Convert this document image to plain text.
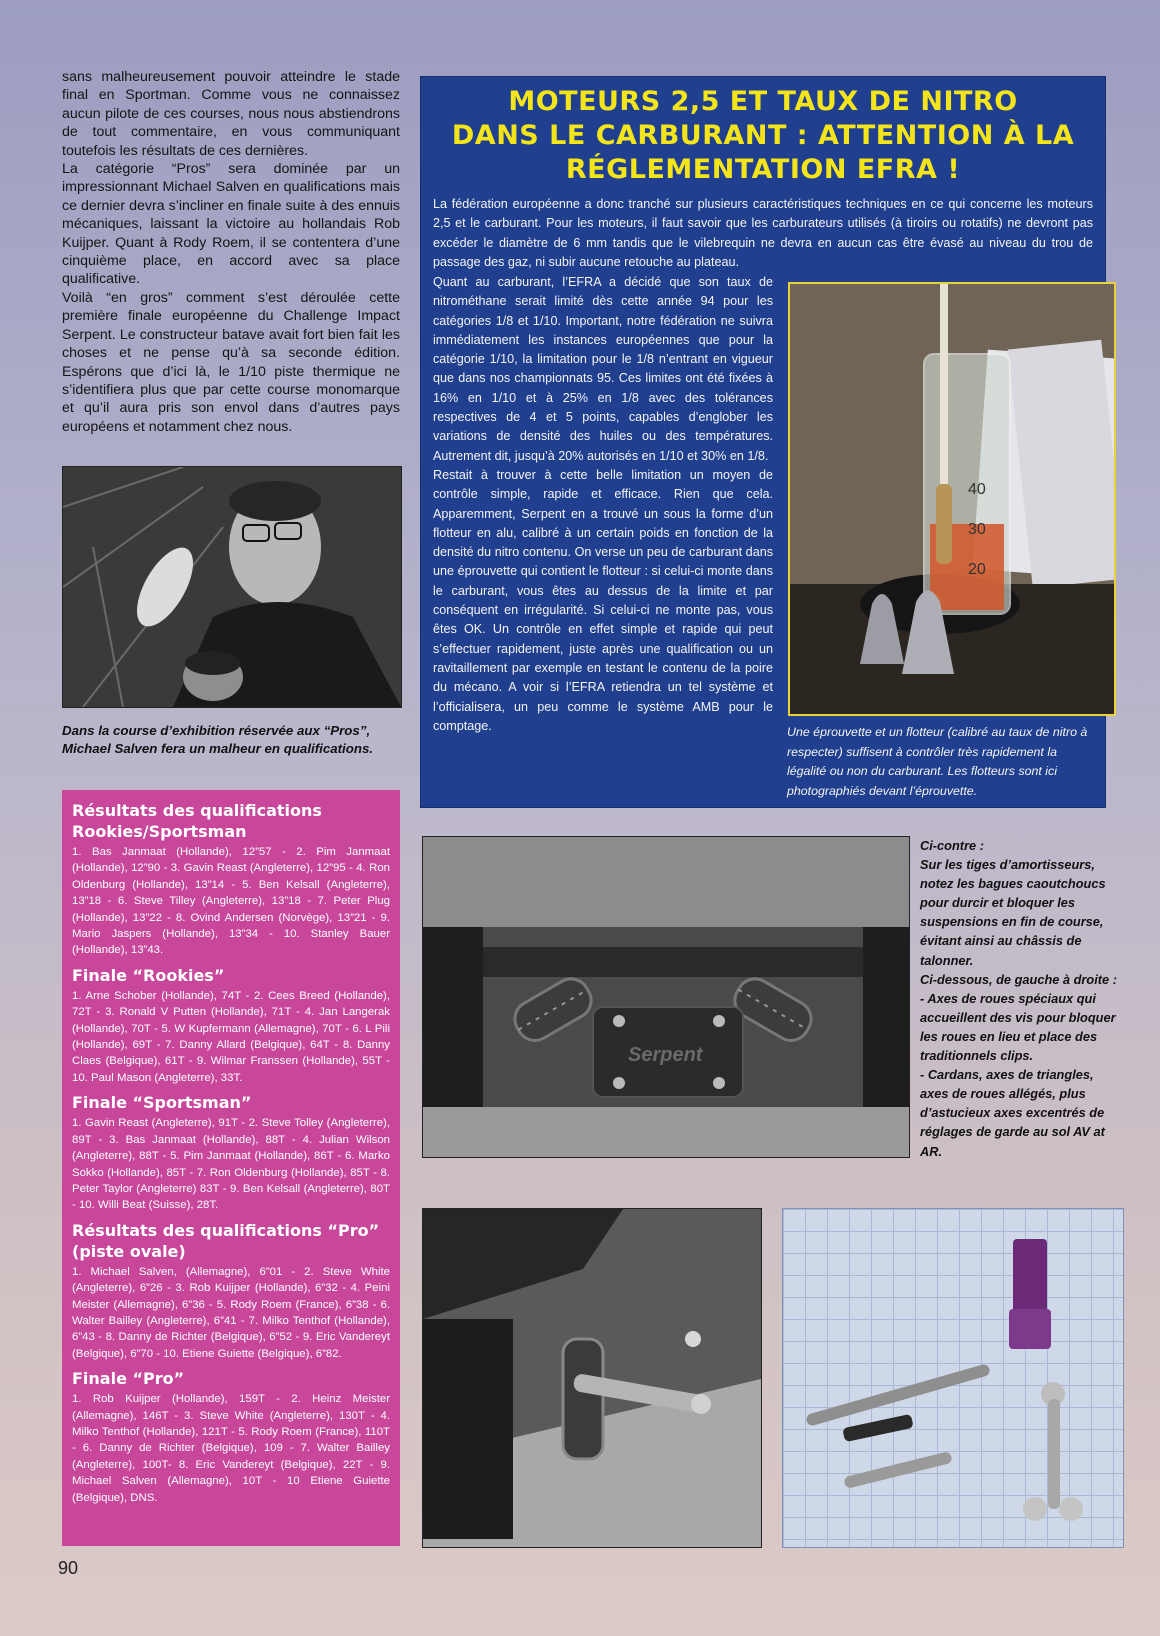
sans malheureusement pouvoir atteindre le stade final en Sportman. Comme vous ne connaissez aucun pilote de ces courses, nous nous abstiendrons de tout commentaire, en vous communiquant toutefois les résultats de ces dernières.

La catégorie “Pros” sera dominée par un impressionnant Michael Salven en qualifications mais ce dernier devra s’incliner en finale suite à des ennuis mécaniques, laissant la victoire au hollandais Rob Kuijper. Quant à Rody Roem, il se contentera d’une cinquième place, en accord avec sa place qualificative.

Voilà “en gros” comment s’est déroulée cette première finale européenne du Challenge Impact Serpent. Le constructeur batave avait fort bien fait les choses et ne pense qu’à sa seconde édition. Espérons que d’ici là, le 1/10 piste thermique ne s’identifiera plus que par cette course monomarque et qu’il aura pris son envol dans d’autres pays européens et notamment chez nous.

Dans la course d’exhibition réservée aux “Pros”, Michael Salven fera un malheur en qualifications.
MOTEURS 2,5 ET TAUX DE NITRO
DANS LE CARBURANT : ATTENTION À LA
RÉGLEMENTATION EFRA !
La fédération européenne a donc tranché sur plusieurs caractéristiques techniques en ce qui concerne les moteurs 2,5 et le carburant. Pour les moteurs, il faut savoir que les carburateurs utilisés (à tiroirs ou rotatifs) ne devront pas excéder le diamètre de 6 mm tandis que le vilebrequin ne devra en aucun cas être évasé au niveau du trou de passage des gaz, ni subir aucune retouche au plateau.

Quant au carburant, l’EFRA a décidé que son taux de nitrométhane serait limité dès cette année 94 pour les catégories 1/8 et 1/10. Important, notre fédération ne suivra immédiatement les instances européennes que pour la catégorie 1/10, la limitation pour le 1/8 n’entrant en vigueur que dans nos championnats 95. Ces limites ont été fixées à 16% en 1/10 et à 25% en 1/8 avec des tolérances respectives de 4 et 5 points, capables d’englober les variations de densité des huiles ou des températures. Autrement dit, jusqu’à 20% autorisés en 1/10 et 30% en 1/8.

Restait à trouver à cette belle limitation un moyen de contrôle simple, rapide et efficace. Rien que cela. Apparemment, Serpent en a trouvé un sous la forme d’un flotteur en alu, calibré à un certain poids en fonction de la densité du nitro contenu. On verse un peu de carburant dans une éprouvette qui contient le flotteur : si celui-ci monte dans le carburant, vous êtes au dessus de la limite et par conséquent en irrégularité. Si celui-ci ne monte pas, vous êtes OK. Un contrôle en effet simple et rapide qui peut s’effectuer rapidement, juste après une qualification ou un ravitaillement par exemple en testant le contenu de la poire du mécano. A voir si l’EFRA retiendra un tel système et l’officialisera, un peu comme le système AMB pour le comptage.	Une éprouvette et un flotteur (calibré au taux de nitro à respecter) suffisent à contrôler très rapidement la légalité ou non du carburant. Les flotteurs sont ici photographiés devant l’éprouvette.
40
30
20
Résultats des qualifications Rookies/Sportsman

1. Bas Janmaat (Hollande), 12”57 - 2. Pim Janmaat (Hollande), 12”90 - 3. Gavin Reast (Angleterre), 12”95 - 4. Ron Oldenburg (Hollande), 13”14 - 5. Ben Kelsall (Angleterre), 13”18 - 6. Steve Tilley (Angleterre), 13”18 - 7. Peter Plug (Hollande), 13”22 - 8. Ovind Andersen (Norvège), 13”21 - 9. Mario Jaspers (Hollande), 13”34 - 10. Stanley Bauer (Hollande), 13”43.

Finale “Rookies”

1. Arne Schober (Hollande), 74T - 2. Cees Breed (Hollande), 72T - 3. Ronald V Putten (Hollande), 71T - 4. Jan Langerak (Hollande), 70T - 5. W Kupfermann (Allemagne), 70T - 6. L Pili (Hollande), 69T - 7. Danny Allard (Belgique), 64T - 8. Danny Claes (Belgique), 61T - 9. Wilmar Franssen (Hollande), 55T - 10. Paul Mason (Angleterre), 33T.

Finale “Sportsman”

1. Gavin Reast (Angleterre), 91T - 2. Steve Tolley (Angleterre), 89T - 3. Bas Janmaat (Hollande), 88T - 4. Julian Wilson (Angleterre), 88T - 5. Pim Janmaat (Hollande), 86T - 6. Marko Sokko (Hollande), 85T - 7. Ron Oldenburg (Hollande), 85T - 8. Peter Taylor (Angleterre) 83T - 9. Ben Kelsall (Angleterre), 80T - 10. Willi Beat (Suisse), 28T.

Résultats des qualifications “Pro” (piste ovale)

1. Michael Salven, (Allemagne), 6”01 - 2. Steve White (Angleterre), 6”26 - 3. Rob Kuijper (Hollande), 6”32 - 4. Peini Meister (Allemagne), 6”36 - 5. Rody Roem (France), 6”38 - 6. Walter Bailley (Angleterre), 6”41 - 7. Milko Tenthof (Hollande), 6”43 - 8. Danny de Richter (Belgique), 6”52 - 9. Eric Vandereyt (Belgique), 6”70 - 10. Etiene Guiette (Belgique), 6”82.

Finale “Pro”

1. Rob Kuijper (Hollande), 159T - 2. Heinz Meister (Allemagne), 146T - 3. Steve White (Angleterre), 130T - 4. Milko Tenthof (Hollande), 121T - 5. Rody Roem (France), 110T - 6. Danny de Richter (Belgique), 109 - 7. Walter Bailley (Angleterre), 100T- 8. Eric Vandereyt (Belgique), 22T - 9. Michael Salven (Allemagne), 10T - 10 Etiene Guiette (Belgique), DNS.

Serpent

Ci-contre :

Sur les tiges d’amortisseurs, notez les bagues caoutchoucs pour durcir et bloquer les suspensions en fin de course, évitant ainsi au châssis de talonner.

Ci-dessous, de gauche à droite :

- Axes de roues spéciaux qui accueillent des vis pour bloquer les roues en lieu et place des traditionnels clips.

- Cardans, axes de triangles, axes de roues allégés, plus d’astucieux axes excentrés de réglages de garde au sol AV at AR.

90
